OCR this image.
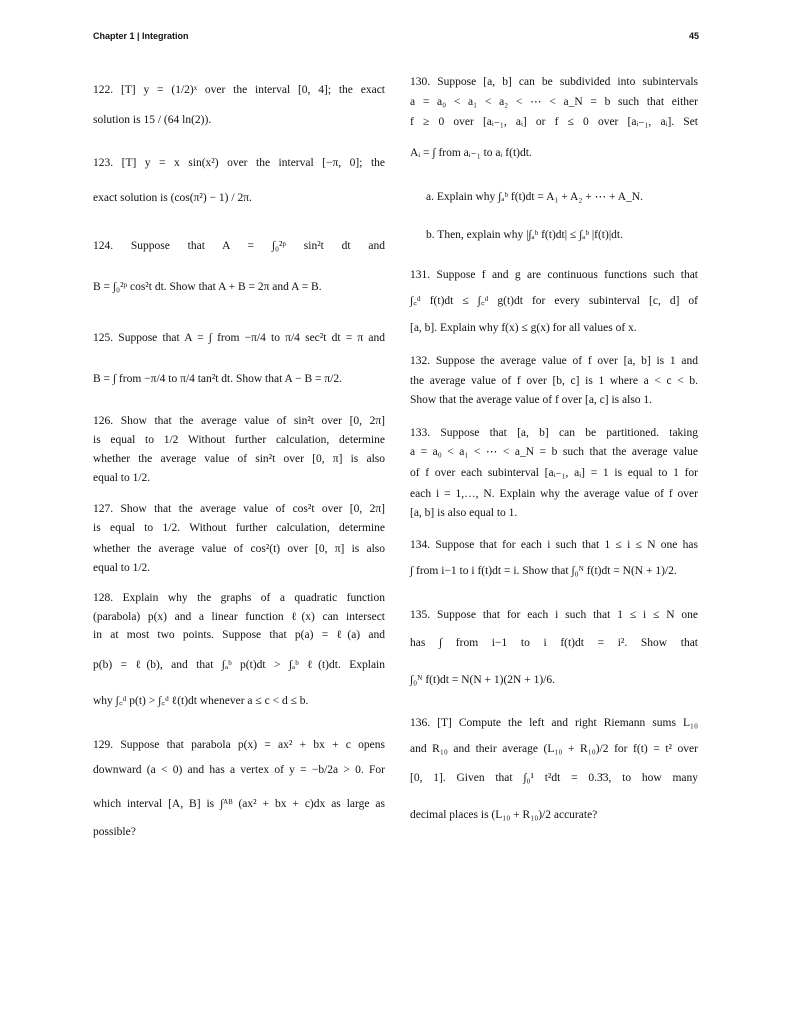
Chapter 1 | Integration	45
122. [T] y = (1/2)ˣ over the interval [0, 4]; the exact
solution is 15 / (64 ln(2)).
123. [T] y = x sin(x²) over the interval [−π, 0]; the
exact solution is (cos(π²) − 1) / 2π.
124. Suppose that A = ∫₀²ᵖ sin²t dt and
B = ∫₀²ᵖ cos²t dt. Show that A + B = 2π and A = B.
125. Suppose that A = ∫ from −π/4 to π/4 sec²t dt = π and
B = ∫ from −π/4 to π/4 tan²t dt. Show that A − B = π/2.
126. Show that the average value of sin²t over [0, 2π]
is equal to 1/2 Without further calculation, determine
whether the average value of sin²t over [0, π] is also
equal to 1/2.
127. Show that the average value of cos²t over [0, 2π]
is equal to 1/2. Without further calculation, determine
whether the average value of cos²(t) over [0, π] is also
equal to 1/2.
128. Explain why the graphs of a quadratic function
(parabola) p(x) and a linear function ℓ(x) can intersect
in at most two points. Suppose that p(a) = ℓ(a) and
p(b) = ℓ(b), and that ∫ₐᵇ p(t)dt > ∫ₐᵇ ℓ(t)dt. Explain
why ∫꜀ᵈ p(t) > ∫꜀ᵈ ℓ(t)dt whenever a ≤ c < d ≤ b.
129. Suppose that parabola p(x) = ax² + bx + c opens
downward (a < 0) and has a vertex of y = −b/2a > 0. For
which interval [A, B] is ∫ᴬᴮ (ax² + bx + c)dx as large as
possible?
130. Suppose [a, b] can be subdivided into subintervals
a = a₀ < a₁ < a₂ < ⋯ < a_N = b such that either
f ≥ 0 over [aᵢ₋₁, aᵢ] or f ≤ 0 over [aᵢ₋₁, aᵢ]. Set
Aᵢ = ∫ from aᵢ₋₁ to aᵢ f(t)dt.
a. Explain why ∫ₐᵇ f(t)dt = A₁ + A₂ + ⋯ + A_N.
b. Then, explain why |∫ₐᵇ f(t)dt| ≤ ∫ₐᵇ |f(t)|dt.
131. Suppose f and g are continuous functions such that
∫꜀ᵈ f(t)dt ≤ ∫꜀ᵈ g(t)dt for every subinterval [c, d] of
[a, b]. Explain why f(x) ≤ g(x) for all values of x.
132. Suppose the average value of f over [a, b] is 1 and
the average value of f over [b, c] is 1 where a < c < b.
Show that the average value of f over [a, c] is also 1.
133. Suppose that [a, b] can be partitioned. taking
a = a₀ < a₁ < ⋯ < a_N = b such that the average value
of f over each subinterval [aᵢ₋₁, aᵢ] = 1 is equal to 1 for
each i = 1,…, N. Explain why the average value of f over
[a, b] is also equal to 1.
134. Suppose that for each i such that 1 ≤ i ≤ N one has
∫ from i−1 to i f(t)dt = i. Show that ∫₀ᴺ f(t)dt = N(N + 1)/2.
135. Suppose that for each i such that 1 ≤ i ≤ N one
has ∫ from i−1 to i f(t)dt = i². Show that
∫₀ᴺ f(t)dt = N(N + 1)(2N + 1)/6.
136. [T] Compute the left and right Riemann sums L₁₀
and R₁₀ and their average (L₁₀ + R₁₀)/2 for f(t) = t² over
[0, 1]. Given that ∫₀¹ t²dt = 0.3̄3, to how many
decimal places is (L₁₀ + R₁₀)/2 accurate?
